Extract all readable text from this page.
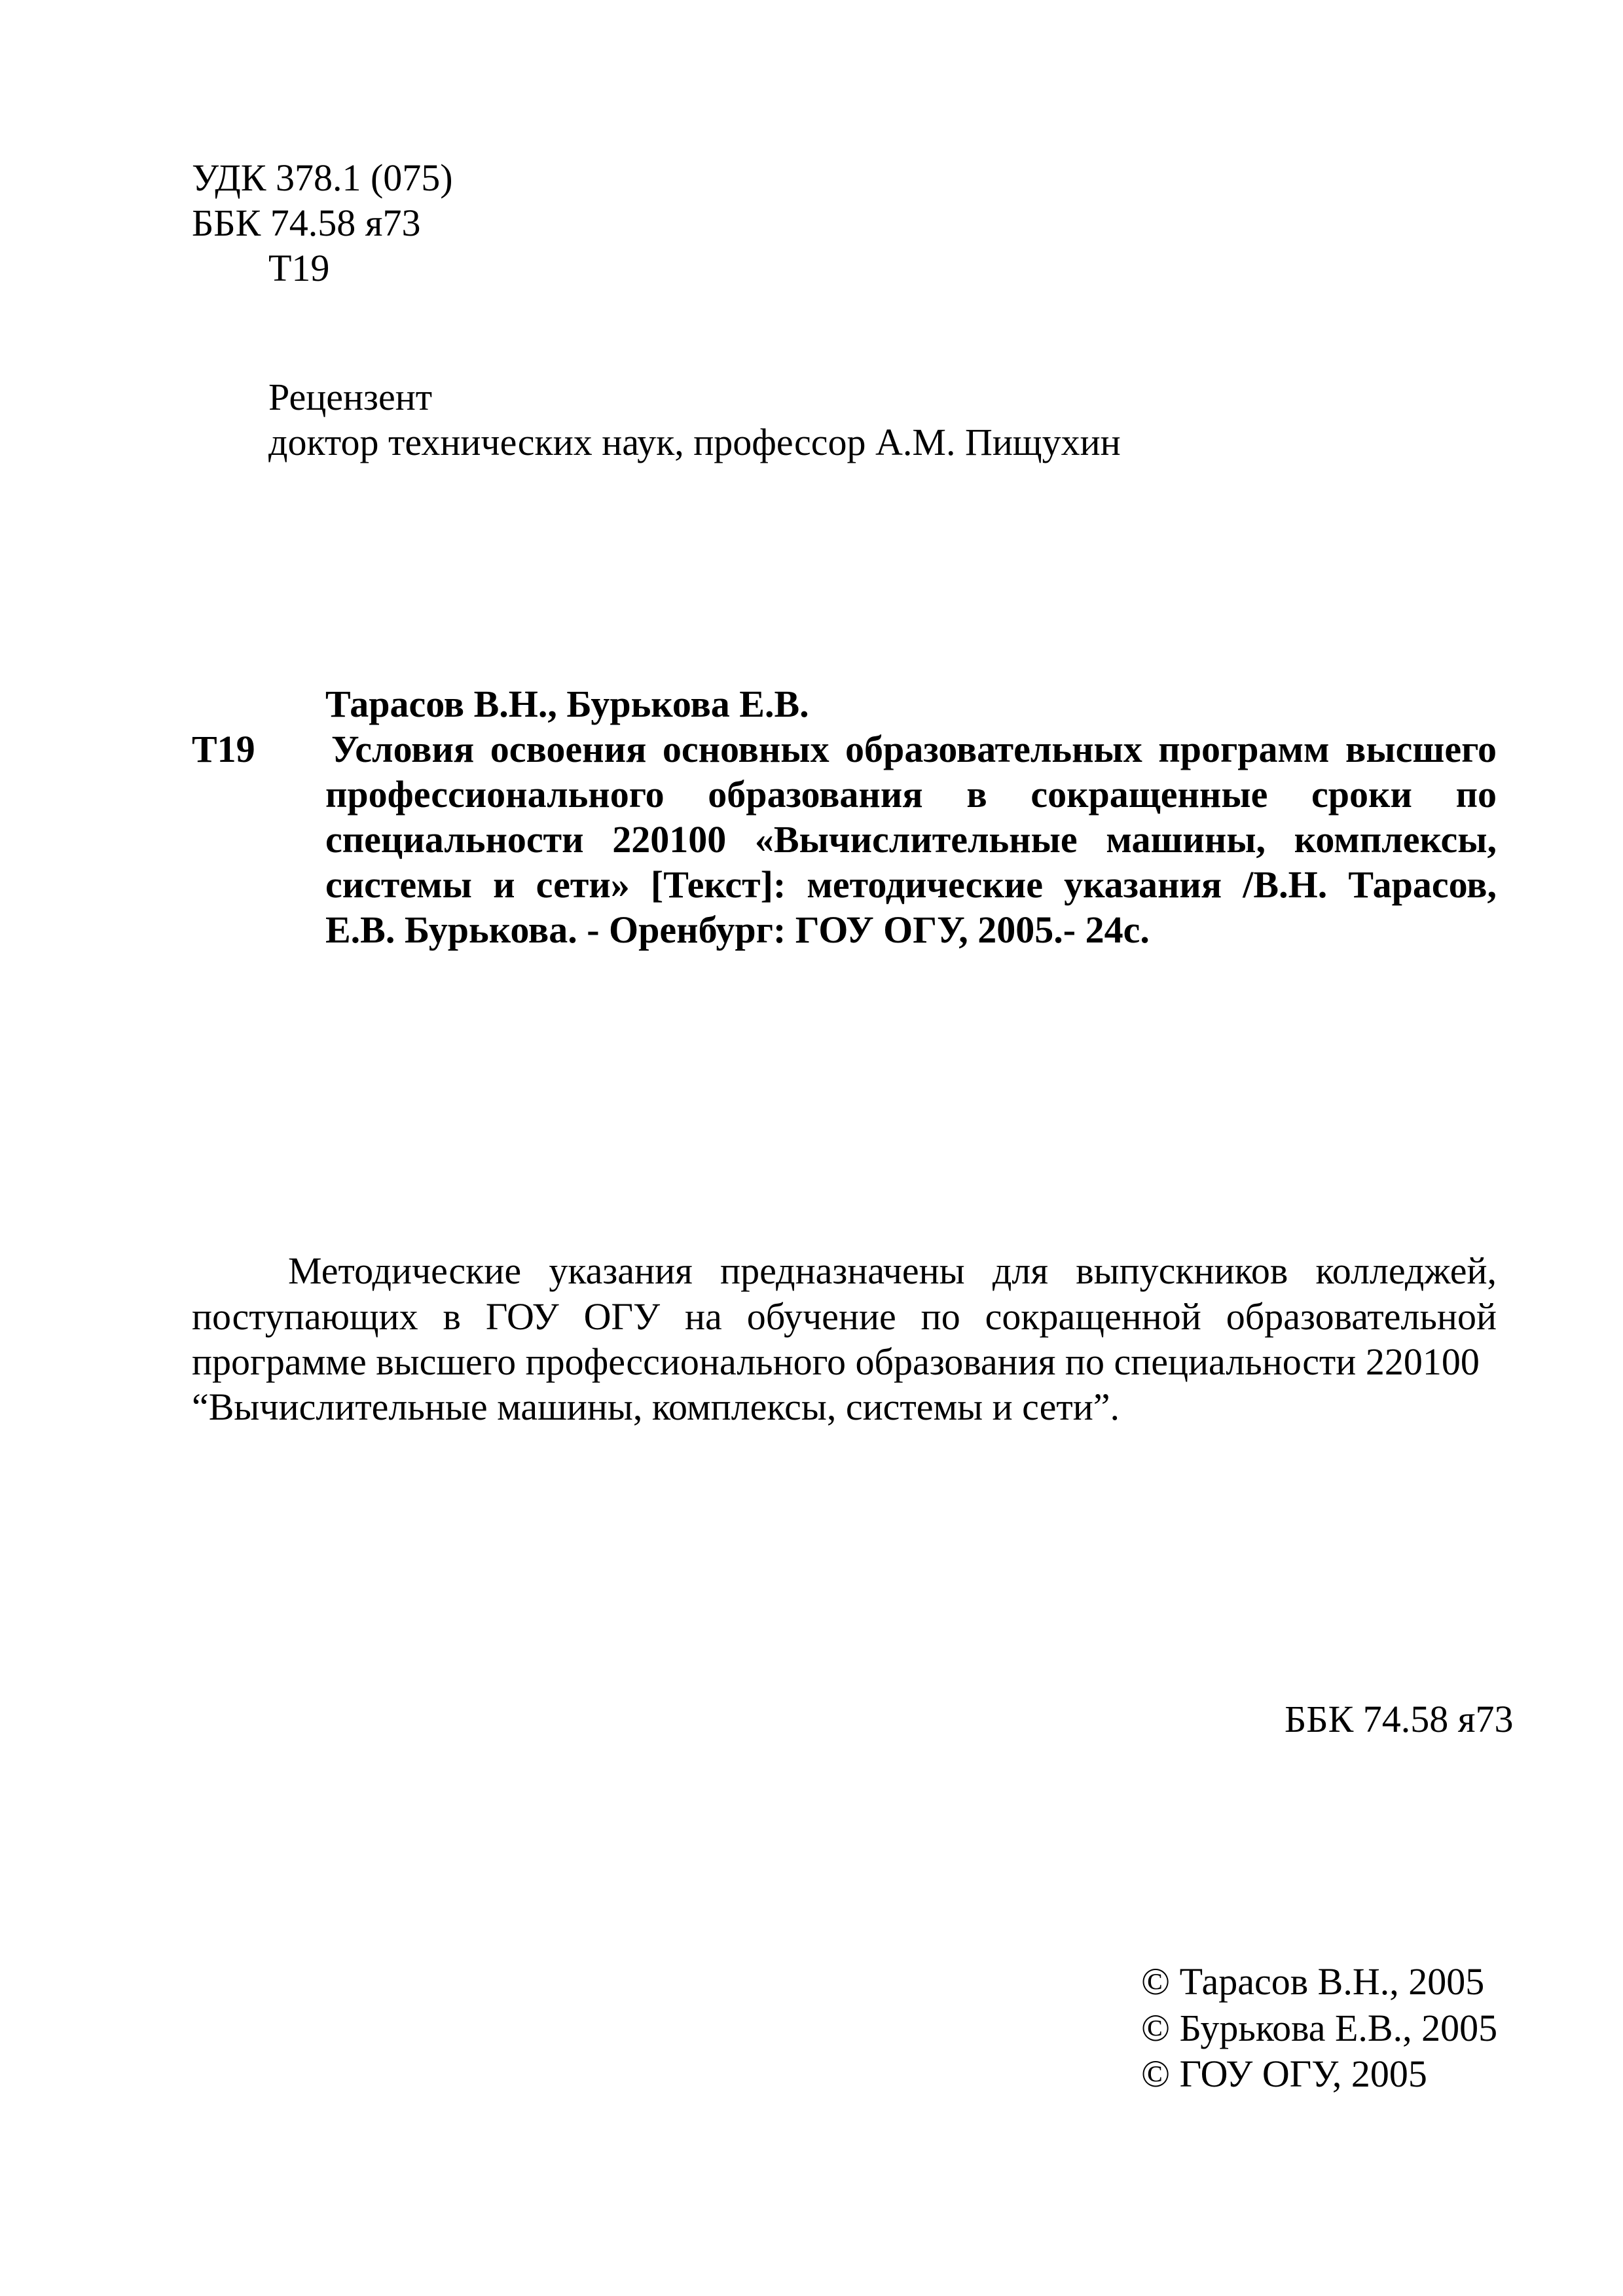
УДК 378.1 (075)
ББК 74.58 я73
Т19
Рецензент
доктор технических наук, профессор А.М. Пищухин
Тарасов В.Н., Бурькова Е.В.
Т19 Условия освоения основных образовательных программ высшего
профессионального образования в сокращенные сроки по
специальности 220100 «Вычислительные машины, комплексы,
системы и сети» [Текст]: методические указания /В.Н. Тарасов,
Е.В. Бурькова. - Оренбург: ГОУ ОГУ, 2005.- 24с.
Методические указания предназначены для выпускников колледжей,
поступающих в ГОУ ОГУ на обучение по сокращенной образовательной
программе высшего профессионального образования по специальности 220100
“Вычислительные машины, комплексы, системы и сети”.
ББК 74.58 я73
© Тарасов В.Н., 2005
© Бурькова Е.В., 2005
© ГОУ ОГУ, 2005
